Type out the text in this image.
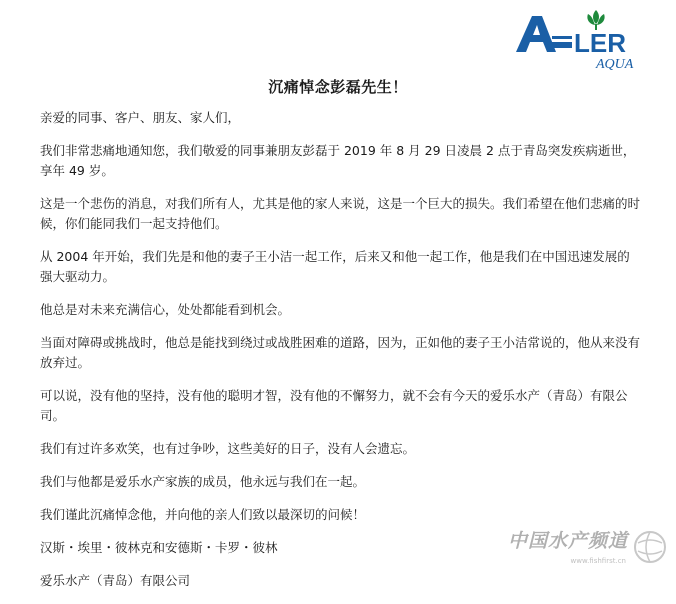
LER
AQUA
沉痛悼念彭磊先生！

亲爱的同事、客户、朋友、家人们，

我们非常悲痛地通知您，我们敬爱的同事兼朋友彭磊于 2019 年 8 月 29 日凌晨 2 点于青岛突发疾病逝世，享年 49 岁。

这是一个悲伤的消息，对我们所有人，尤其是他的家人来说，这是一个巨大的损失。我们希望在他们悲痛的时候，你们能同我们一起支持他们。

从 2004 年开始，我们先是和他的妻子王小洁一起工作，后来又和他一起工作，他是我们在中国迅速发展的强大驱动力。

他总是对未来充满信心，处处都能看到机会。

当面对障碍或挑战时，他总是能找到绕过或战胜困难的道路，因为，正如他的妻子王小洁常说的，他从来没有放弃过。

可以说，没有他的坚持，没有他的聪明才智，没有他的不懈努力，就不会有今天的爱乐水产（青岛）有限公司。

我们有过许多欢笑，也有过争吵，这些美好的日子，没有人会遗忘。

我们与他都是爱乐水产家族的成员，他永远与我们在一起。

我们谨此沉痛悼念他，并向他的亲人们致以最深切的问候！

汉斯・埃里・彼林克和安德斯・卡罗・彼林

爱乐水产（青岛）有限公司

中国水产频道
www.fishfirst.cn
